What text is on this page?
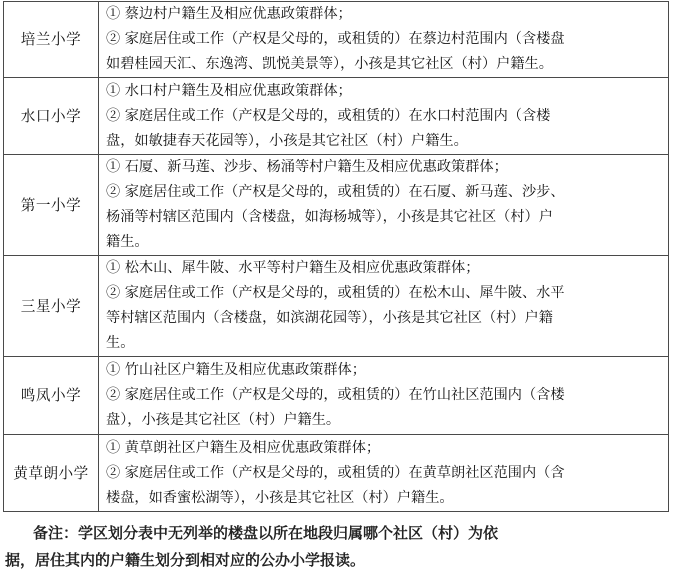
培兰小学	① 蔡边村户籍生及相应优惠政策群体；
② 家庭居住或工作（产权是父母的，或租赁的）在蔡边村范围内（含楼盘
如碧桂园天汇、东逸湾、凯悦美景等），小孩是其它社区（村）户籍生。

水口小学	① 水口村户籍生及相应优惠政策群体；
② 家庭居住或工作（产权是父母的，或租赁的）在水口村范围内（含楼
盘，如敏捷春天花园等），小孩是其它社区（村）户籍生。

第一小学	① 石厦、新马莲、沙步、杨涌等村户籍生及相应优惠政策群体；
② 家庭居住或工作（产权是父母的，或租赁的）在石厦、新马莲、沙步、
杨涌等村辖区范围内（含楼盘，如海杨城等），小孩是其它社区（村）户
籍生。

三星小学	① 松木山、犀牛陂、水平等村户籍生及相应优惠政策群体；
② 家庭居住或工作（产权是父母的，或租赁的）在松木山、犀牛陂、水平
等村辖区范围内（含楼盘，如滨湖花园等），小孩是其它社区（村）户籍
生。

鸣凤小学	① 竹山社区户籍生及相应优惠政策群体；
② 家庭居住或工作（产权是父母的，或租赁的）在竹山社区范围内（含楼
盘），小孩是其它社区（村）户籍生。

黄草朗小学	① 黄草朗社区户籍生及相应优惠政策群体；
② 家庭居住或工作（产权是父母的，或租赁的）在黄草朗社区范围内（含
楼盘，如香蜜松湖等），小孩是其它社区（村）户籍生。
备注：学区划分表中无列举的楼盘以所在地段归属哪个社区（村）为依
据，居住其内的户籍生划分到相对应的公办小学报读。
